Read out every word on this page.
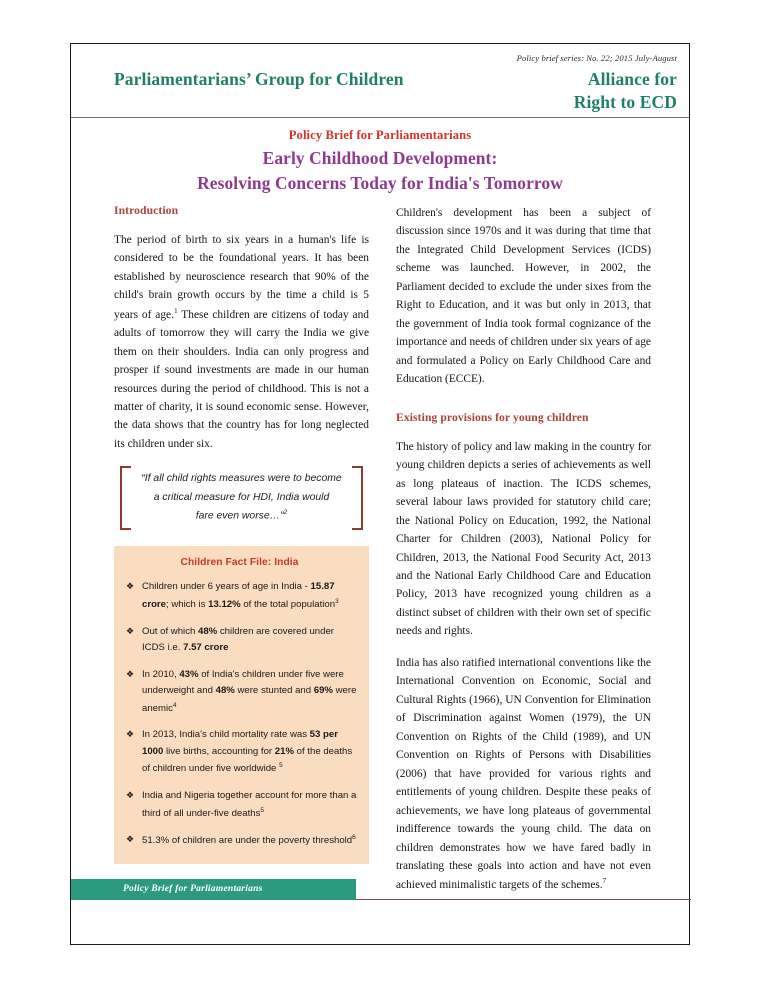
Policy brief series: No. 22; 2015 July-August
Parliamentarians’ Group for Children	Alliance for
Right to ECD
Policy Brief for Parliamentarians
Early Childhood Development:
Resolving Concerns Today for India's Tomorrow
Introduction

The period of birth to six years in a human's life is considered to be the foundational years. It has been established by neuroscience research that 90% of the child's brain growth occurs by the time a child is 5 years of age.$^1$ These children are citizens of today and adults of tomorrow they will carry the India we give them on their shoulders. India can only progress and prosper if sound investments are made in our human resources during the period of childhood. This is not a matter of charity, it is sound economic sense. However, the data shows that the country has for long neglected its children under six.

“If all child rights measures were to become
a critical measure for HDI, India would
fare even worse…”$^2$
Children Fact File: India
❖ Children under 6 years of age in India - 15.87 crore; which is 13.12% of the total population$^3$
❖ Out of which 48% children are covered under ICDS i.e. 7.57 crore
❖ In 2010, 43% of India's children under five were underweight and 48% were stunted and 69% were anemic$^4$
❖ In 2013, India's child mortality rate was 53 per 1000 live births, accounting for 21% of the deaths of children under five worldwide $^5$
❖ India and Nigeria together account for more than a third of all under-five deaths$^5$
❖ 51.3% of children are under the poverty threshold$^6$

Children's development has been a subject of discussion since 1970s and it was during that time that the Integrated Child Development Services (ICDS) scheme was launched. However, in 2002, the Parliament decided to exclude the under sixes from the Right to Education, and it was but only in 2013, that the government of India took formal cognizance of the importance and needs of children under six years of age and formulated a Policy on Early Childhood Care and Education (ECCE).

Existing provisions for young children

The history of policy and law making in the country for young children depicts a series of achievements as well as long plateaus of inaction. The ICDS schemes, several labour laws provided for statutory child care; the National Policy on Education, 1992, the National Charter for Children (2003), National Policy for Children, 2013, the National Food Security Act, 2013 and the National Early Childhood Care and Education Policy, 2013 have recognized young children as a distinct subset of children with their own set of specific needs and rights.

India has also ratified international conventions like the International Convention on Economic, Social and Cultural Rights (1966), UN Convention for Elimination of Discrimination against Women (1979), the UN Convention on Rights of the Child (1989), and UN Convention on Rights of Persons with Disabilities (2006) that have provided for various rights and entitlements of young children. Despite these peaks of achievements, we have long plateaus of governmental indifference towards the young child. The data on children demonstrates how we have fared badly in translating these goals into action and have not even achieved minimalistic targets of the schemes.$^7$

Policy Brief for Parliamentarians
